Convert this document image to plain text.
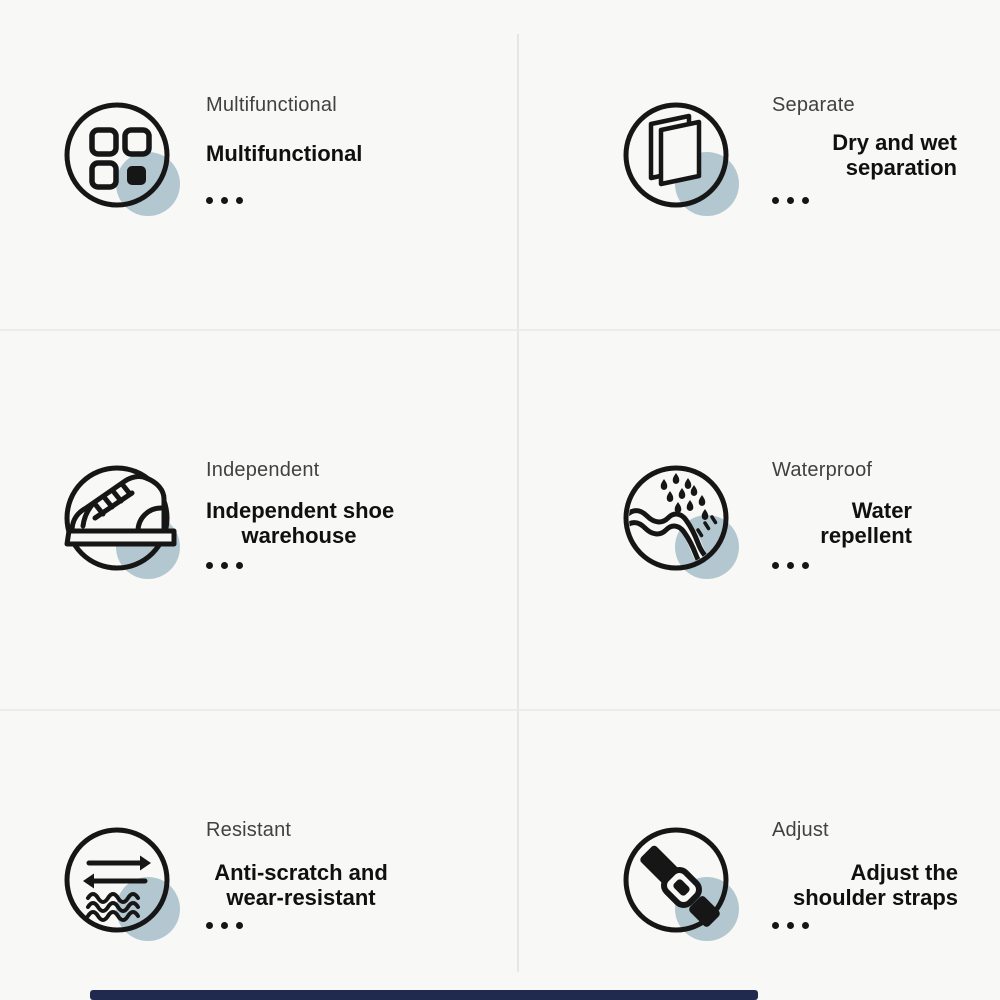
Multifunctional

Multifunctional

Separate

Dry and wet
separation

Independent

Independent shoe
warehouse

Waterproof

Water
repellent

Resistant

Anti-scratch and
wear-resistant

Adjust

Adjust the
shoulder straps
